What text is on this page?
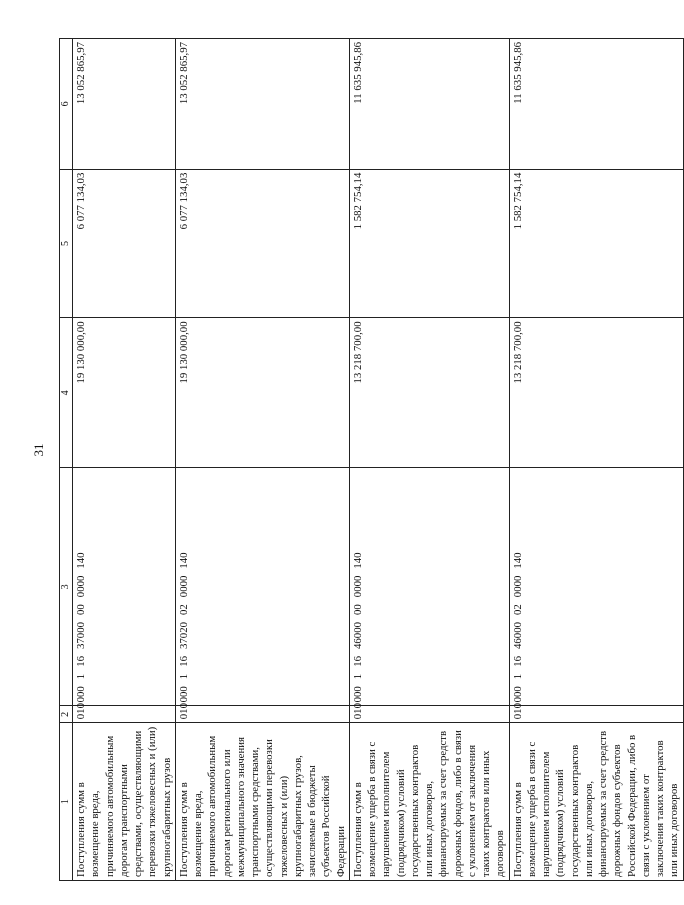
31
1	2	3	4	5	6
Поступления сумм в возмещение вреда, причиняемого автомобильным дорогам транспортными средствами, осуществляющими перевозки тяжеловесных и (или) крупногабаритных грузов	010	00011637000000000140	19 130 000,00	6 077 134,03	13 052 865,97
Поступления сумм в возмещение вреда, причиняемого автомобильным дорогам регионального или межмуниципального значения транспортными средствами, осуществляющими перевозки тяжеловесных и (или) крупногабаритных грузов, зачисляемые в бюджеты субъектов Российской Федерации	010	00011637020020000140	19 130 000,00	6 077 134,03	13 052 865,97
Поступления сумм в возмещение ущерба в связи с нарушением исполнителем (подрядчиком) условий государственных контрактов или иных договоров, финансируемых за счет средств дорожных фондов, либо в связи с уклонением от заключения таких контрактов или иных договоров	010	00011646000000000140	13 218 700,00	1 582 754,14	11 635 945,86
Поступления сумм в возмещение ущерба в связи с нарушением исполнителем (подрядчиком) условий государственных контрактов или иных договоров, финансируемых за счет средств дорожных фондов субъектов Российской Федерации, либо в связи с уклонением от заключения таких контрактов или иных договоров	010	00011646000020000140	13 218 700,00	1 582 754,14	11 635 945,86
